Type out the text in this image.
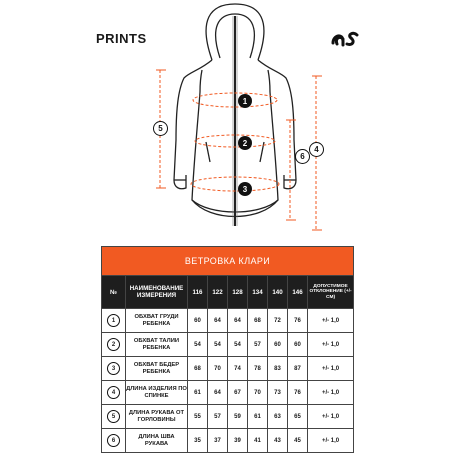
PRINTS
1
2
3
4
5
6
ВЕТРОВКА КЛАРИ								
№	НАИМЕНОВАНИЕ ИЗМЕРЕНИЯ	116	122	128	134	140	146	ДОПУСТИМОЕ ОТКЛОНЕНИЕ (+/- CM)
1	ОБХВАТ ГРУДИ РЕБЕНКА	60	64	64	68	72	76	+/- 1,0
2	ОБХВАТ ТАЛИИ РЕБЕНКА	54	54	54	57	60	60	+/- 1,0
3	ОБХВАТ БЕДЕР РЕБЕНКА	68	70	74	78	83	87	+/- 1,0
4	ДЛИНА ИЗДЕЛИЯ ПО СПИНКЕ	61	64	67	70	73	76	+/- 1,0
5	ДЛИНА РУКАВА ОТ ГОРЛОВИНЫ	55	57	59	61	63	65	+/- 1,0
6	ДЛИНА ШВА РУКАВА	35	37	39	41	43	45	+/- 1,0
